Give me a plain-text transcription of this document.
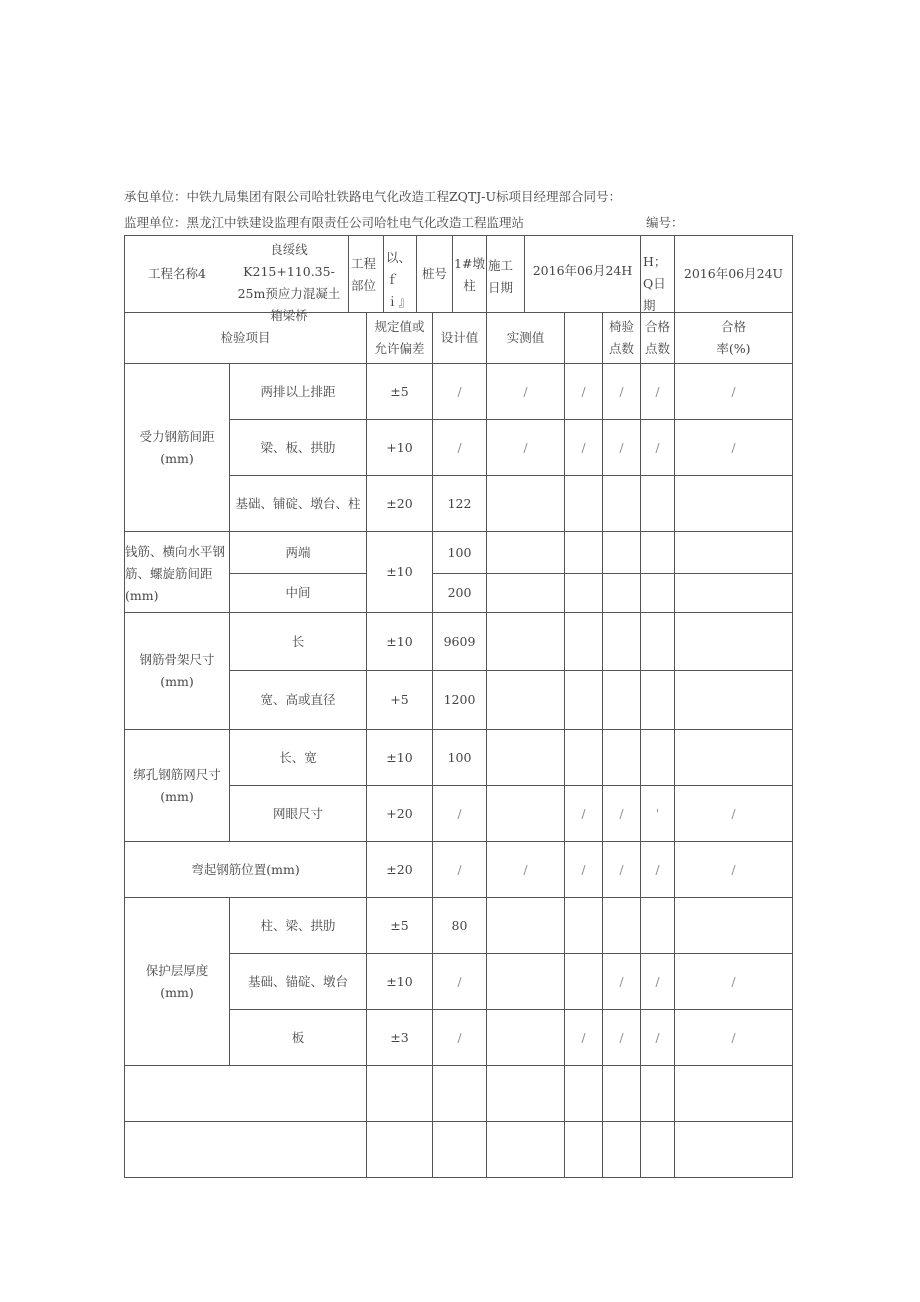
承包单位：中铁九局集团有限公司哈牡铁路电气化改造工程ZQTJ-U标项目经理部合同号：
监理单位：黑龙江中铁建设监理有限责任公司哈牡电气化改造工程监理站	编号：
工程名称4
良绥线K215+110.35-25m预应力混凝土箱梁桥
工程部位
以、ｆｉ』
桩号
1#墩柱
施工日期
2016年06月24H
H；Q日期
2016年06月24U
检验项目
规定值或允许偏差
设计值	实测值
椅验点数
合格点数
合格率(%)
受力钢筋间距(mm)
钱筋、横向水平钢筋、螺旋筋间距(mm)
钢筋骨架尺寸(mm)
绑孔钢筋网尺寸(mm)
弯起钢筋位置(mm)
保护层厚度(mm)
两排以上排距
梁、板、拱肋
基础、铺碇、墩台、柱
两端
中间
长
宽、高或直径
长、宽
网眼尺寸
柱、梁、拱肋
基础、锚碇、墩台
板
±5
+10
±20
±10
±10
+5
±10
+20
±20
±5
±10
±3
/
/
122
100
200
9609
1200
100
/
/
80
/
/
/
/
/
/
/
/
/
/
/
/
/
/
/
/
/
/
'
/
/
/
/
/
/
/
/
/
